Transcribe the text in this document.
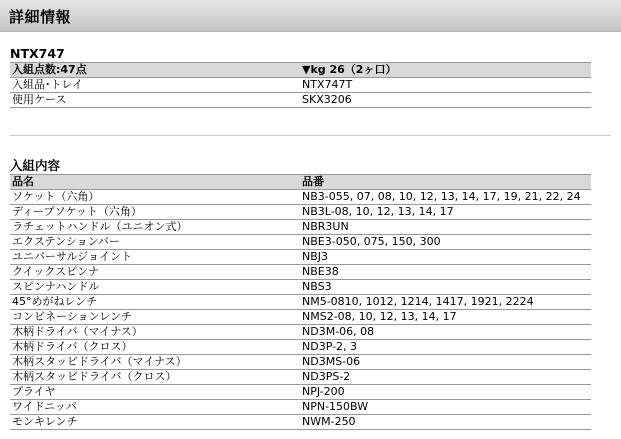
詳細情報
NTX747
入組点数:47点	▼kg 26（2ヶ口）
入組品･トレイ	NTX747T
使用ケース	SKX3206
入組内容
品名	品番
ソケット（六角）	NB3-055, 07, 08, 10, 12, 13, 14, 17, 19, 21, 22, 24
ディープソケット（六角）	NB3L-08, 10, 12, 13, 14, 17
ラチェットハンドル（ユニオン式）	NBR3UN
エクステンションバー	NBE3-050, 075, 150, 300
ユニバーサルジョイント	NBJ3
クイックスピンナ	NBE38
スピンナハンドル	NBS3
45°めがねレンチ	NM5-0810, 1012, 1214, 1417, 1921, 2224
コンビネーションレンチ	NMS2-08, 10, 12, 13, 14, 17
木柄ドライバ（マイナス）	ND3M-06, 08
木柄ドライバ（クロス）	ND3P-2, 3
木柄スタッビドライバ（マイナス）	ND3MS-06
木柄スタッビドライバ（クロス）	ND3PS-2
プライヤ	NPJ-200
ワイドニッパ	NPN-150BW
モンキレンチ	NWM-250
